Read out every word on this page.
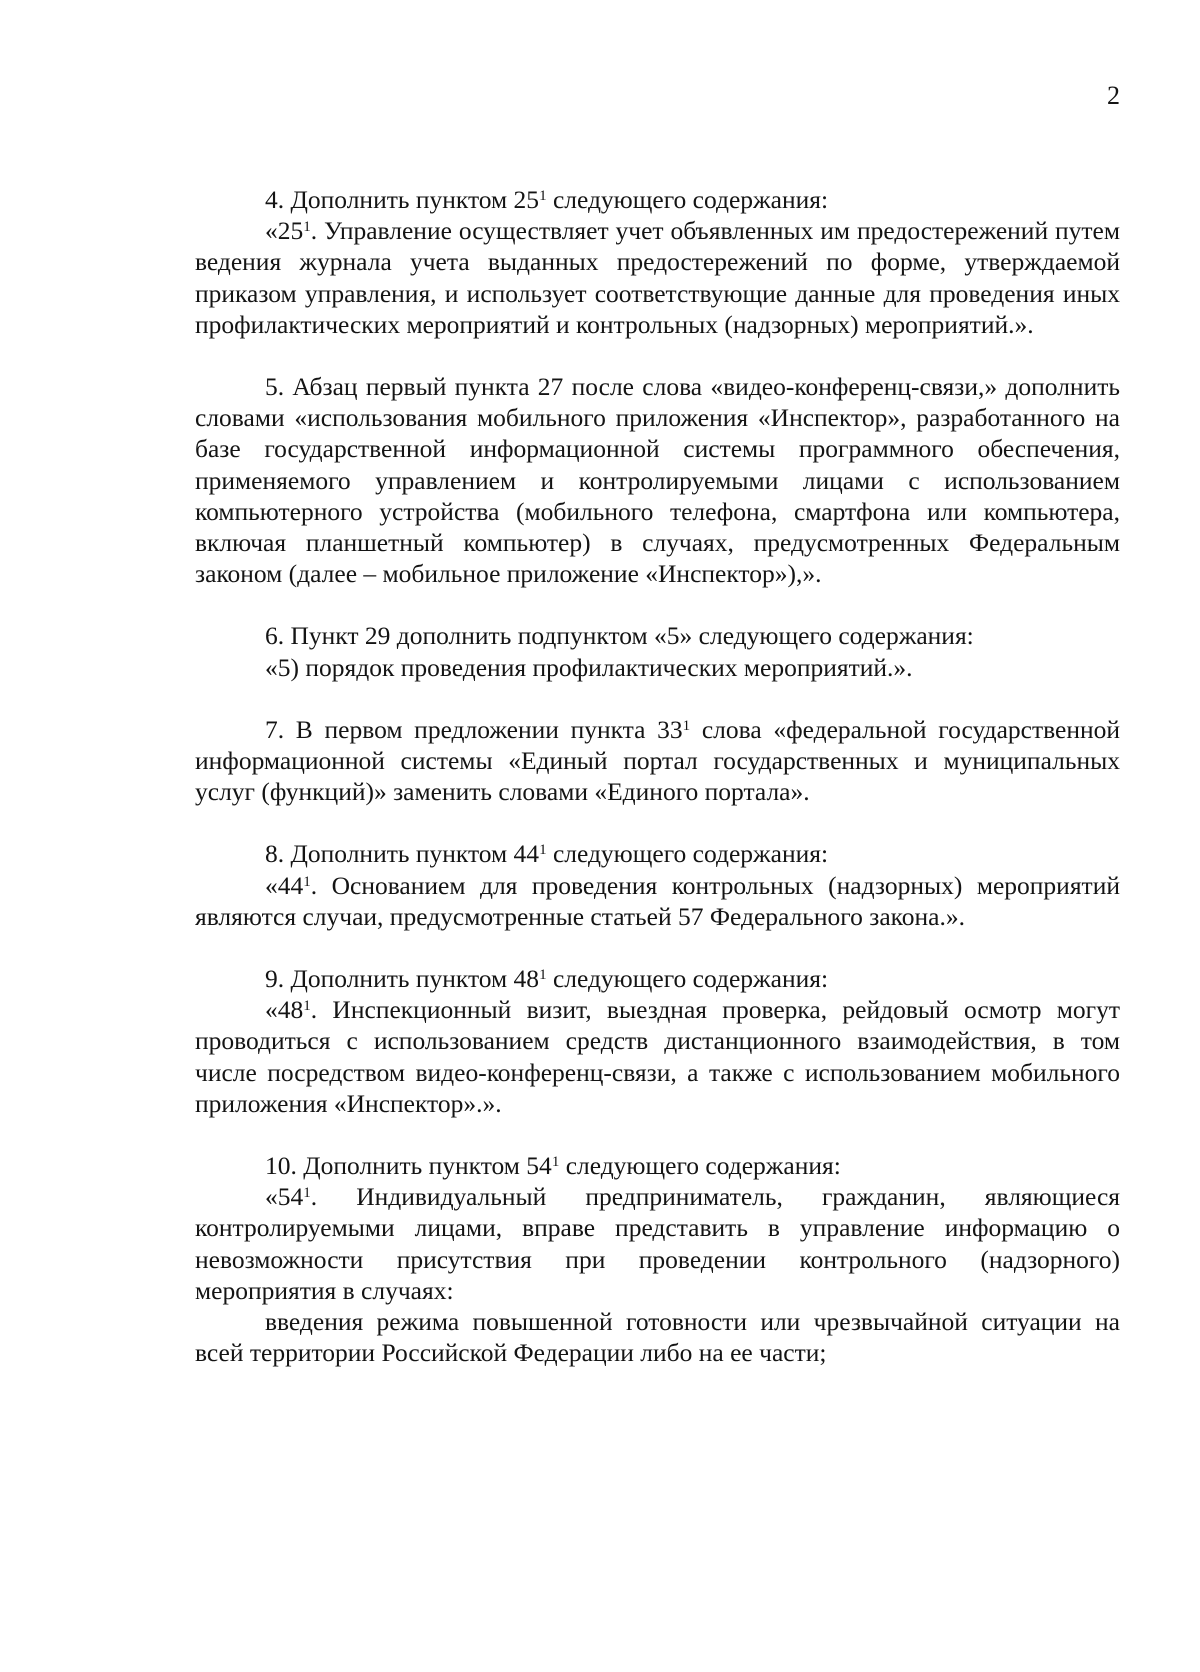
2

4. Дополнить пунктом $25^1$ следующего содержания:

«$25^1$. Управление осуществляет учет объявленных им предостережений путем ведения журнала учета выданных предостережений по форме, утверждаемой приказом управления, и использует соответствующие данные для проведения иных профилактических мероприятий и контрольных (надзорных) мероприятий.».

5. Абзац первый пункта 27 после слова «видео-конференц-связи,» дополнить словами «использования мобильного приложения «Инспектор», разработанного на базе государственной информационной системы программного обеспечения, применяемого управлением и контролируемыми лицами с использованием компьютерного устройства (мобильного телефона, смартфона или компьютера, включая планшетный компьютер) в случаях, предусмотренных Федеральным законом (далее – мобильное приложение «Инспектор»),».

6. Пункт 29 дополнить подпунктом «5» следующего содержания:

«5) порядок проведения профилактических мероприятий.».

7. В первом предложении пункта $33^1$ слова «федеральной государственной информационной системы «Единый портал государственных и муниципальных услуг (функций)» заменить словами «Единого портала».

8. Дополнить пунктом $44^1$ следующего содержания:

«$44^1$. Основанием для проведения контрольных (надзорных) мероприятий являются случаи, предусмотренные статьей 57 Федерального закона.».

9. Дополнить пунктом $48^1$ следующего содержания:

«$48^1$. Инспекционный визит, выездная проверка, рейдовый осмотр могут проводиться с использованием средств дистанционного взаимодействия, в том числе посредством видео-конференц-связи, а также с использованием мобильного приложения «Инспектор».».

10. Дополнить пунктом $54^1$ следующего содержания:

«$54^1$. Индивидуальный предприниматель, гражданин, являющиеся контролируемыми лицами, вправе представить в управление информацию о невозможности присутствия при проведении контрольного (надзорного) мероприятия в случаях:

введения режима повышенной готовности или чрезвычайной ситуации на всей территории Российской Федерации либо на ее части;
